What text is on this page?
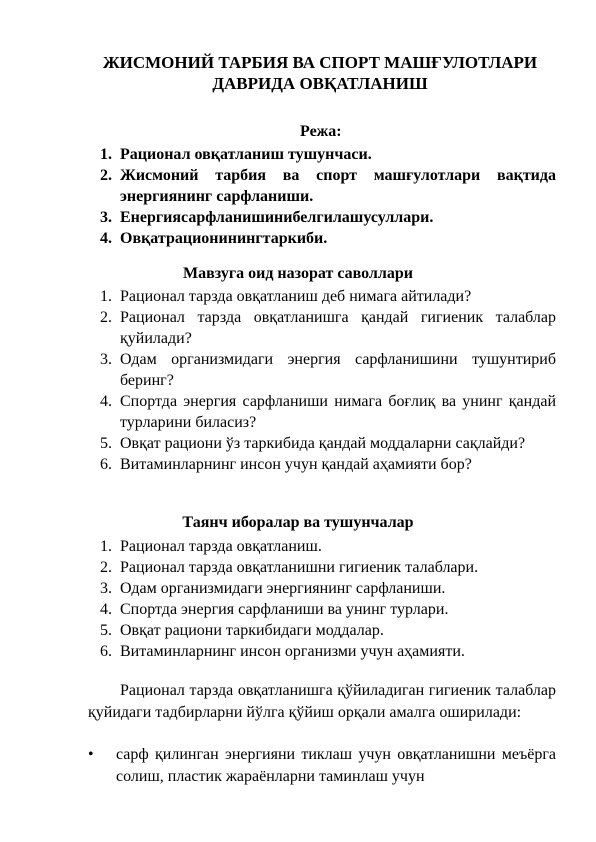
ЖИСМОНИЙ ТАРБИЯ ВА СПОРТ МАШҒУЛОТЛАРИ
ДАВРИДА ОВҚАТЛАНИШ
Режа:
1. Рационал овқатланиш тушунчаси.
2. Жисмоний тарбия ва спорт машғулотлари вақтида энергиянинг сарфланиши.
3. Енергиясарфланишинибелгилашусуллари.
4. Овқатрационинингтаркиби.
Мавзуга оид назорат саволлари
1. Рационал тарзда овқатланиш деб нимага айтилади?
2. Рационал тарзда овқатланишга қандай гигиеник талаблар қуйилади?
3. Одам организмидаги энергия сарфланишини тушунтириб беринг?
4. Спортда энергия сарфланиши нимага боғлиқ ва унинг қандай турларини биласиз?
5. Овқат рациони ўз таркибида қандай моддаларни сақлайди?
6. Витаминларнинг инсон учун қандай аҳамияти бор?
Таянч иборалар ва тушунчалар
1. Рационал тарзда овқатланиш.
2. Рационал тарзда овқатланишни гигиеник талаблари.
3. Одам организмидаги энергиянинг сарфланиши.
4. Спортда энергия сарфланиши ва унинг турлари.
5. Овқат рациони таркибидаги моддалар.
6. Витаминларнинг инсон организми учун аҳамияти.

Рационал тарзда овқатланишга қўйиладиган гигиеник талаблар қуйидаги тадбирларни йўлга қўйиш орқали амалга оширилади:

• сарф қилинган энергияни тиклаш учун овқатланишни меъёрга солиш, пластик жараёнларни таминлаш учун
